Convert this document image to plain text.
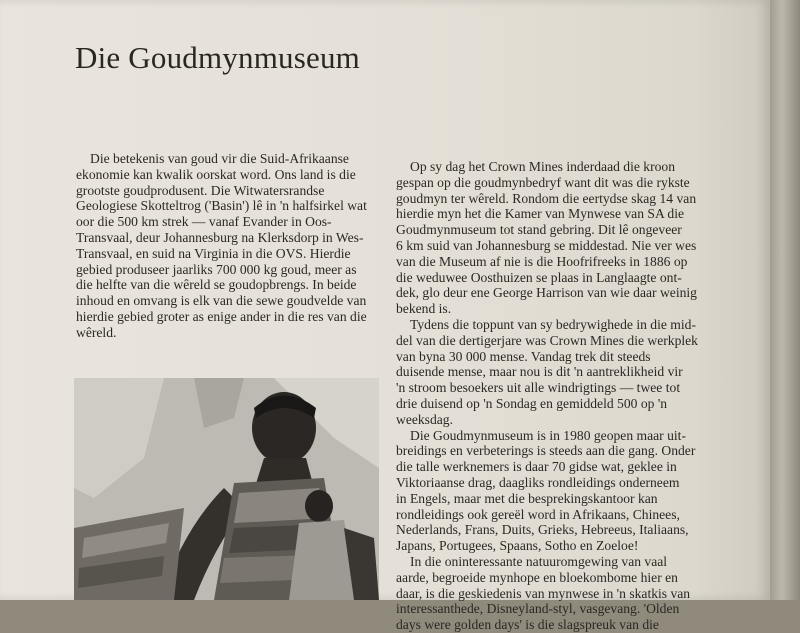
Die Goudmynmuseum
Die betekenis van goud vir die Suid-Afrikaanse
ekonomie kan kwalik oorskat word. Ons land is die
grootste goudprodusent. Die Witwatersrandse
Geologiese Skotteltrog ('Basin') lê in 'n halfsirkel wat
oor die 500 km strek — vanaf Evander in Oos-
Transvaal, deur Johannesburg na Klerksdorp in Wes-
Transvaal, en suid na Virginia in die OVS. Hierdie
gebied produseer jaarliks 700 000 kg goud, meer as
die helfte van die wêreld se goudopbrengs. In beide
inhoud en omvang is elk van die sewe goudvelde van
hierdie gebied groter as enige ander in die res van die
wêreld.
Op sy dag het Crown Mines inderdaad die kroon
gespan op die goudmynbedryf want dit was die rykste
goudmyn ter wêreld. Rondom die eertydse skag 14 van
hierdie myn het die Kamer van Mynwese van SA die
Goudmynmuseum tot stand gebring. Dit lê ongeveer
6 km suid van Johannesburg se middestad. Nie ver wes
van die Museum af nie is die Hoofrifreeks in 1886 op
die weduwee Oosthuizen se plaas in Langlaagte ont-
dek, glo deur ene George Harrison van wie daar weinig
bekend is.
Tydens die toppunt van sy bedrywighede in die mid-
del van die dertigerjare was Crown Mines die werkplek
van byna 30 000 mense. Vandag trek dit steeds
duisende mense, maar nou is dit 'n aantreklikheid vir
'n stroom besoekers uit alle windrigtings — twee tot
drie duisend op 'n Sondag en gemiddeld 500 op 'n
weeksdag.
Die Goudmynmuseum is in 1980 geopen maar uit-
breidings en verbeterings is steeds aan die gang. Onder
die talle werknemers is daar 70 gidse wat, geklee in
Viktoriaanse drag, daagliks rondleidings onderneem
in Engels, maar met die besprekingskantoor kan
rondleidings ook gereël word in Afrikaans, Chinees,
Nederlands, Frans, Duits, Grieks, Hebreeus, Italiaans,
Japans, Portugees, Spaans, Sotho en Zoeloe!
In die oninteressante natuuromgewing van vaal
aarde, begroeide mynhope en bloekombome hier en
daar, is die geskiedenis van mynwese in 'n skatkis van
interessanthede, Disneyland-styl, vasgevang. 'Olden
days were golden days' is die slagspreuk van die
